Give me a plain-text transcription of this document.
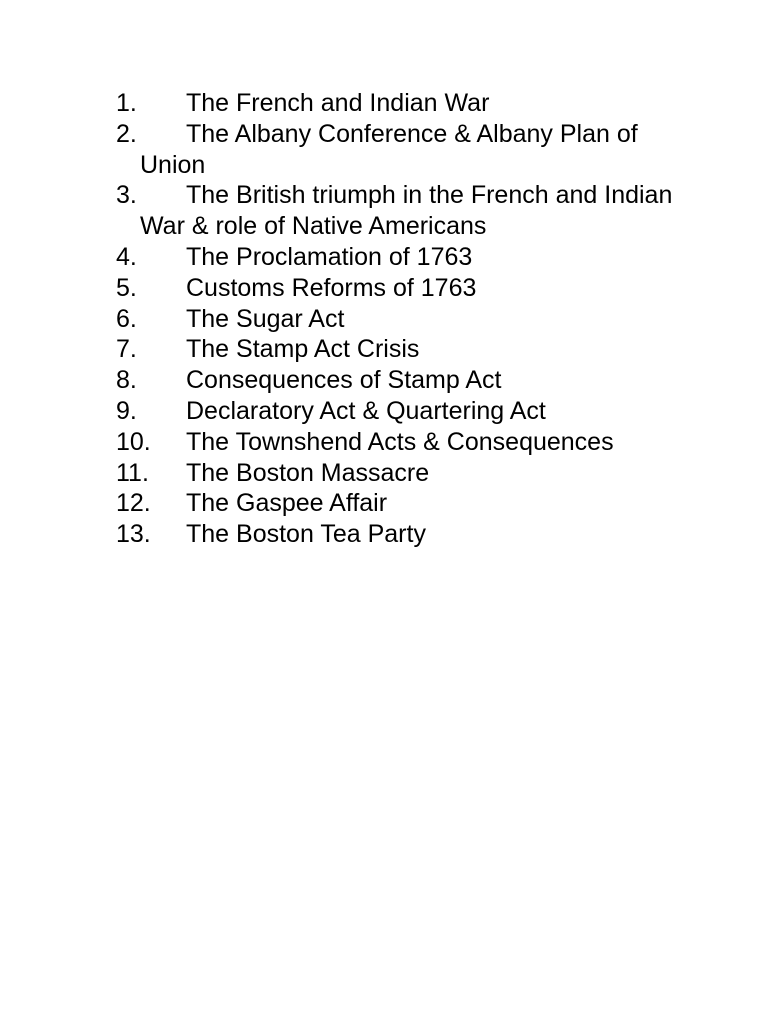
1. The French and Indian War
2. The Albany Conference & Albany Plan of Union
3. The British triumph in the French and Indian War & role of Native Americans
4. The Proclamation of 1763
5. Customs Reforms of 1763
6. The Sugar Act
7. The Stamp Act Crisis
8. Consequences of Stamp Act
9. Declaratory Act & Quartering Act
10. The Townshend Acts & Consequences
11. The Boston Massacre
12. The Gaspee Affair
13. The Boston Tea Party
